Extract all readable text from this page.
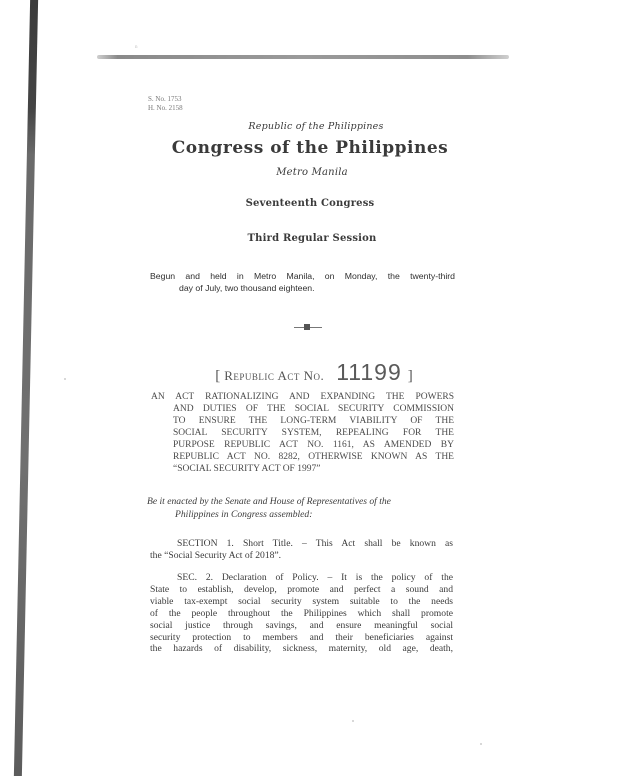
n
S. No. 1753
H. No. 2158
Republic of the Philippines
Congress of the Philippines
Metro Manila
Seventeenth Congress
Third Regular Session
Begun and held in Metro Manila, on Monday, the twenty-third
day of July, two thousand eighteen.
[ Republic Act No. 11199 ]
AN ACT RATIONALIZING AND EXPANDING THE POWERS
AND DUTIES OF THE SOCIAL SECURITY COMMISSION
TO ENSURE THE LONG-TERM VIABILITY OF THE
SOCIAL SECURITY SYSTEM, REPEALING FOR THE
PURPOSE REPUBLIC ACT NO. 1161, AS AMENDED BY
REPUBLIC ACT NO. 8282, OTHERWISE KNOWN AS THE
“SOCIAL SECURITY ACT OF 1997”
Be it enacted by the Senate and House of Representatives of the
Philippines in Congress assembled:
SECTION 1. Short Title. – This Act shall be known as
the “Social Security Act of 2018”.
SEC. 2. Declaration of Policy. – It is the policy of the
State to establish, develop, promote and perfect a sound and
viable tax-exempt social security system suitable to the needs
of the people throughout the Philippines which shall promote
social justice through savings, and ensure meaningful social
security protection to members and their beneficiaries against
the hazards of disability, sickness, maternity, old age, death,
